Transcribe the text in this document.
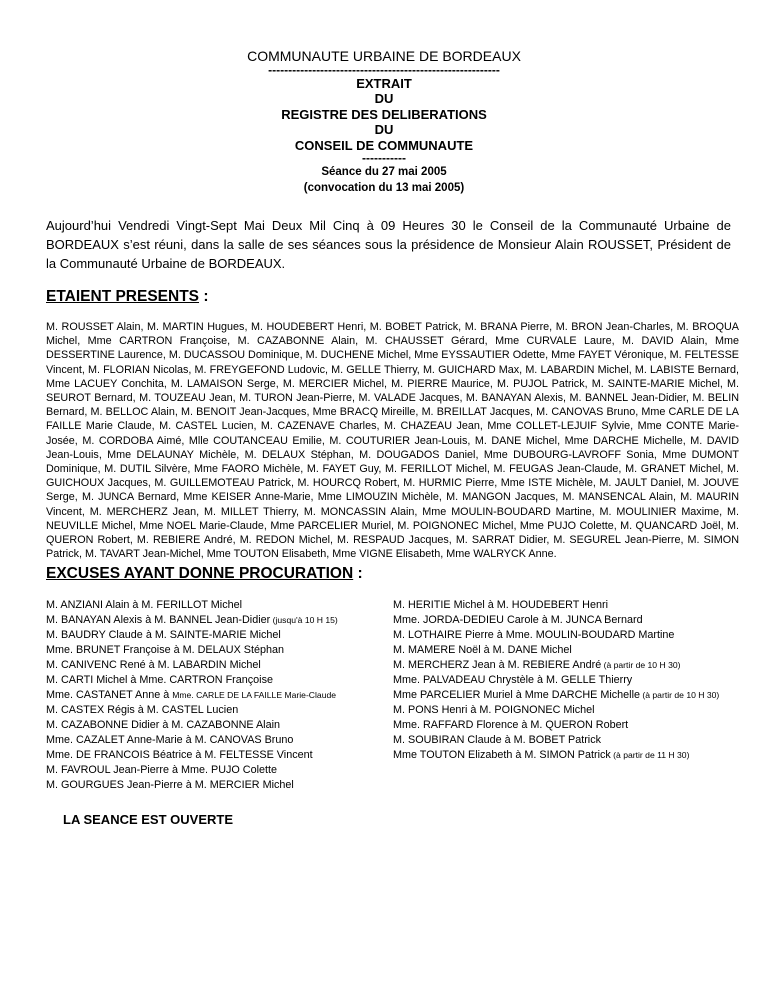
COMMUNAUTE URBAINE DE BORDEAUX
----------------------------------------------------------
EXTRAIT
DU
REGISTRE DES DELIBERATIONS
DU
CONSEIL DE COMMUNAUTE
-----------
Séance du 27 mai 2005
(convocation du 13 mai 2005)
Aujourd’hui Vendredi Vingt-Sept Mai Deux Mil Cinq à 09 Heures 30 le Conseil de la Communauté Urbaine de BORDEAUX s’est réuni, dans la salle de ses séances sous la présidence de Monsieur Alain ROUSSET, Président de la Communauté Urbaine de BORDEAUX.
ETAIENT PRESENTS :
M. ROUSSET Alain, M. MARTIN Hugues, M. HOUDEBERT Henri, M. BOBET Patrick, M. BRANA Pierre, M. BRON Jean-Charles, M. BROQUA Michel, Mme CARTRON Françoise, M. CAZABONNE Alain, M. CHAUSSET Gérard, Mme CURVALE Laure, M. DAVID Alain, Mme DESSERTINE Laurence, M. DUCASSOU Dominique, M. DUCHENE Michel, Mme EYSSAUTIER Odette, Mme FAYET Véronique, M. FELTESSE Vincent, M. FLORIAN Nicolas, M. FREYGEFOND Ludovic, M. GELLE Thierry, M. GUICHARD Max, M. LABARDIN Michel, M. LABISTE Bernard, Mme LACUEY Conchita, M. LAMAISON Serge, M. MERCIER Michel, M. PIERRE Maurice, M. PUJOL Patrick, M. SAINTE-MARIE Michel, M. SEUROT Bernard, M. TOUZEAU Jean, M. TURON Jean-Pierre, M. VALADE Jacques, M. BANAYAN Alexis, M. BANNEL Jean-Didier, M. BELIN Bernard, M. BELLOC Alain, M. BENOIT Jean-Jacques, Mme BRACQ Mireille, M. BREILLAT Jacques, M. CANOVAS Bruno, Mme CARLE DE LA FAILLE Marie Claude, M. CASTEL Lucien, M. CAZENAVE Charles, M. CHAZEAU Jean, Mme COLLET-LEJUIF Sylvie, Mme CONTE Marie-Josée, M. CORDOBA Aimé, Mlle COUTANCEAU Emilie, M. COUTURIER Jean-Louis, M. DANE Michel, Mme DARCHE Michelle, M. DAVID Jean-Louis, Mme DELAUNAY Michèle, M. DELAUX Stéphan, M. DOUGADOS Daniel, Mme DUBOURG-LAVROFF Sonia, Mme DUMONT Dominique, M. DUTIL Silvère, Mme FAORO Michèle, M. FAYET Guy, M. FERILLOT Michel, M. FEUGAS Jean-Claude, M. GRANET Michel, M. GUICHOUX Jacques, M. GUILLEMOTEAU Patrick, M. HOURCQ Robert, M. HURMIC Pierre, Mme ISTE Michèle, M. JAULT Daniel, M. JOUVE Serge, M. JUNCA Bernard, Mme KEISER Anne-Marie, Mme LIMOUZIN Michèle, M. MANGON Jacques, M. MANSENCAL Alain, M. MAURIN Vincent, M. MERCHERZ Jean, M. MILLET Thierry, M. MONCASSIN Alain, Mme MOULIN-BOUDARD Martine, M. MOULINIER Maxime, M. NEUVILLE Michel, Mme NOEL Marie-Claude, Mme PARCELIER Muriel, M. POIGNONEC Michel, Mme PUJO Colette, M. QUANCARD Joël, M. QUERON Robert, M. REBIERE André, M. REDON Michel, M. RESPAUD Jacques, M. SARRAT Didier, M. SEGUREL Jean-Pierre, M. SIMON Patrick, M. TAVART Jean-Michel, Mme TOUTON Elisabeth, Mme VIGNE Elisabeth, Mme WALRYCK Anne.
EXCUSES AYANT DONNE PROCURATION :
M. ANZIANI Alain à M. FERILLOT Michel
M. BANAYAN Alexis à M. BANNEL Jean-Didier (jusqu'à 10 H 15)
M. BAUDRY Claude à M. SAINTE-MARIE Michel
Mme. BRUNET Françoise à M. DELAUX Stéphan
M. CANIVENC René à M. LABARDIN Michel
M. CARTI Michel à Mme. CARTRON Françoise
Mme. CASTANET Anne à Mme. CARLE DE LA FAILLE Marie-Claude
M. CASTEX Régis à M. CASTEL Lucien
M. CAZABONNE Didier à M. CAZABONNE Alain
Mme. CAZALET Anne-Marie à M. CANOVAS Bruno
Mme. DE FRANCOIS Béatrice à M. FELTESSE Vincent
M. FAVROUL Jean-Pierre à Mme. PUJO Colette
M. GOURGUES Jean-Pierre à M. MERCIER Michel
M. HERITIE Michel à M. HOUDEBERT Henri
Mme. JORDA-DEDIEU Carole à M. JUNCA Bernard
M. LOTHAIRE Pierre à Mme. MOULIN-BOUDARD Martine
M. MAMERE Noël à M. DANE Michel
M. MERCHERZ Jean à M. REBIERE André (à partir de 10 H 30)
Mme. PALVADEAU Chrystèle à M. GELLE Thierry
Mme PARCELIER Muriel à Mme DARCHE Michelle (à partir de 10 H 30)
M. PONS Henri à M. POIGNONEC Michel
Mme. RAFFARD Florence à M. QUERON Robert
M. SOUBIRAN Claude à M. BOBET Patrick
Mme TOUTON Elizabeth à M. SIMON Patrick (à partir de 11 H 30)
LA SEANCE EST OUVERTE
